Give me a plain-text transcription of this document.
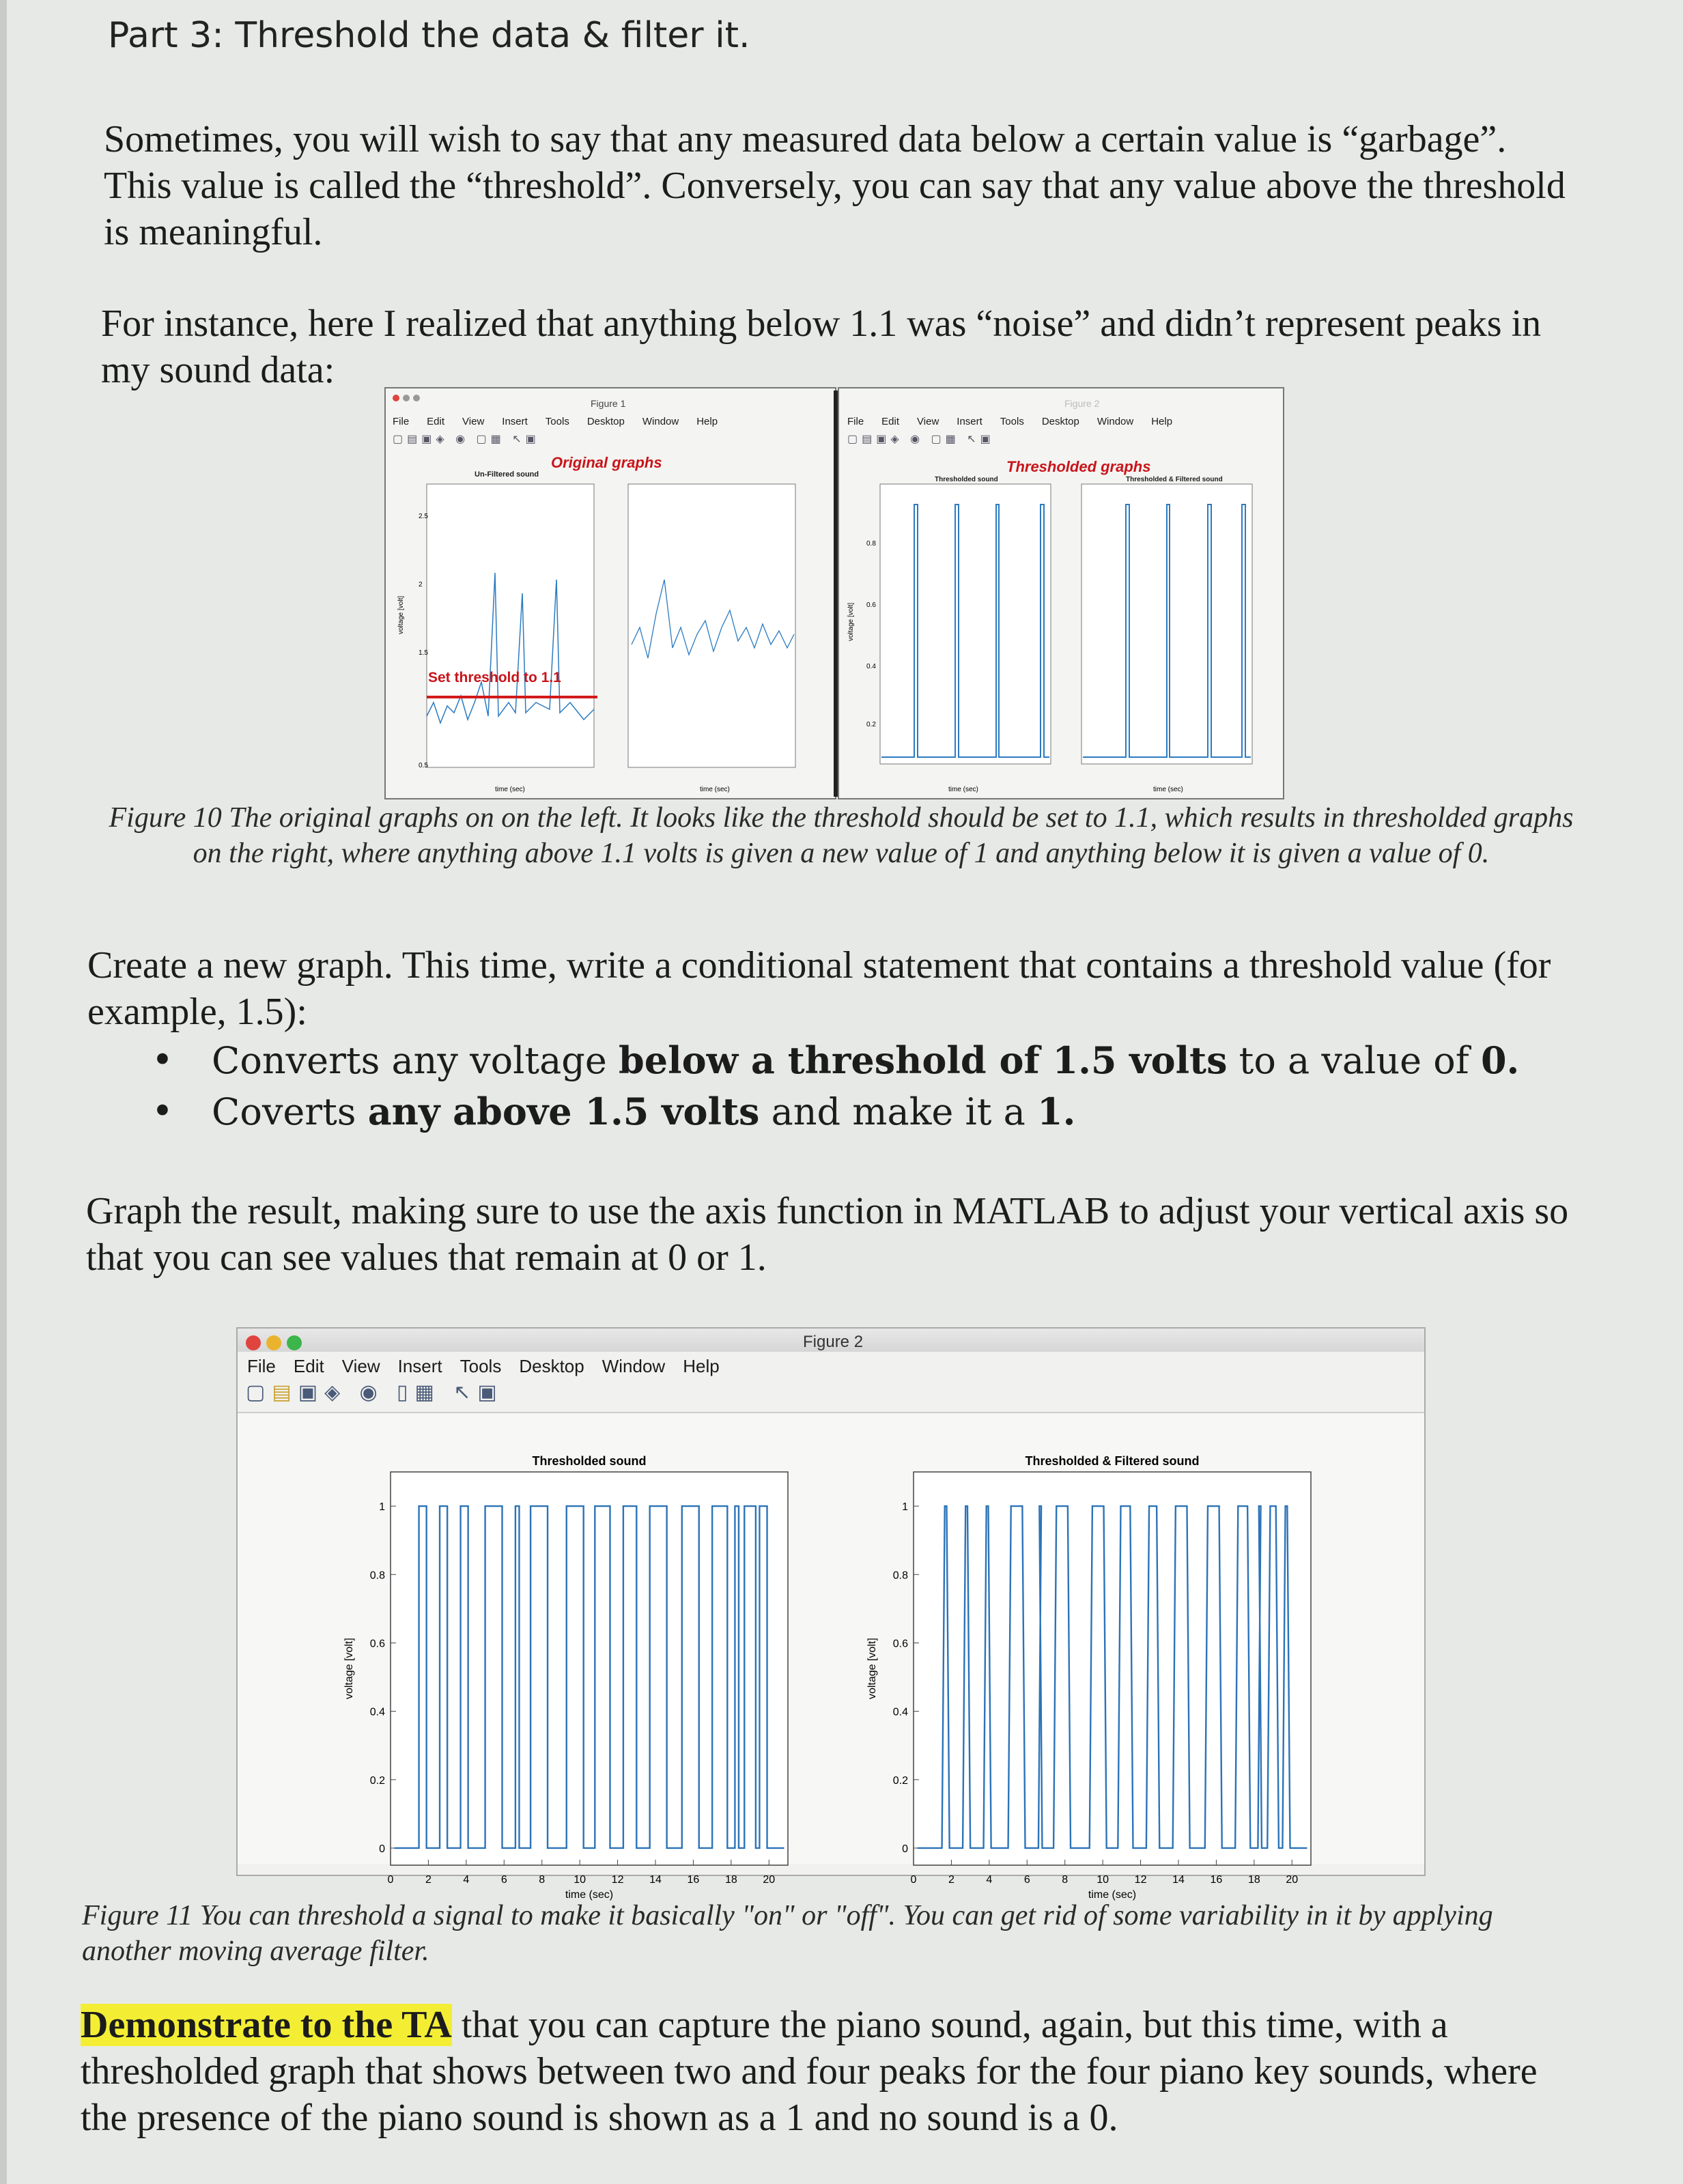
Part 3: Threshold the data & filter it.

Sometimes, you will wish to say that any measured data below a certain value is “garbage”. This value is called the “threshold”. Conversely, you can say that any value above the threshold is meaningful.

For instance, here I realized that anything below 1.1 was “noise” and didn’t represent peaks in my sound data:

Figure 1
File Edit View Insert Tools Desktop Window Help
▢▤▣◈ ◉ ▢▦ ↖▣
Original graphs
Un-Filtered sound
2.5
2
1.5
0.5
voltage [volt]
time (sec)	time (sec)
Set threshold to 1.1
Figure 2
File Edit View Insert Tools Desktop Window Help
▢▤▣◈ ◉ ▢▦ ↖▣
Thresholded graphs
Thresholded sound	Thresholded & Filtered sound
0.8
0.6
0.4
0.2
voltage [volt]
time (sec)	time (sec)

Figure 10 The original graphs on on the left. It looks like the threshold should be set to 1.1, which results in thresholded graphs on the right, where anything above 1.1 volts is given a new value of 1 and anything below it is given a value of 0.

Create a new graph. This time, write a conditional statement that contains a threshold value (for example, 1.5):

• Converts any voltage below a threshold of 1.5 volts to a value of 0.
• Coverts any above 1.5 volts and make it a 1.

Graph the result, making sure to use the axis function in MATLAB to adjust your vertical axis so that you can see values that remain at 0 or 1.

Figure 2
File Edit View Insert Tools Desktop Window Help
▢▤▣◈ ◉ ▯▦ ↖▣
Thresholded sound
0	2	4	6	8	10 12 14 16 18 20
0
0.2
0.4
0.6
0.8
1
time (sec)
voltage [volt]
Thresholded & Filtered sound
0	2	4	6	8	10 12 14 16 18 20
0
0.2
0.4
0.6
0.8
1
time (sec)
voltage [volt]

Figure 11 You can threshold a signal to make it basically "on" or "off". You can get rid of some variability in it by applying another moving average filter.

Demonstrate to the TA that you can capture the piano sound, again, but this time, with a thresholded graph that shows between two and four peaks for the four piano key sounds, where the presence of the piano sound is shown as a 1 and no sound is a 0.
